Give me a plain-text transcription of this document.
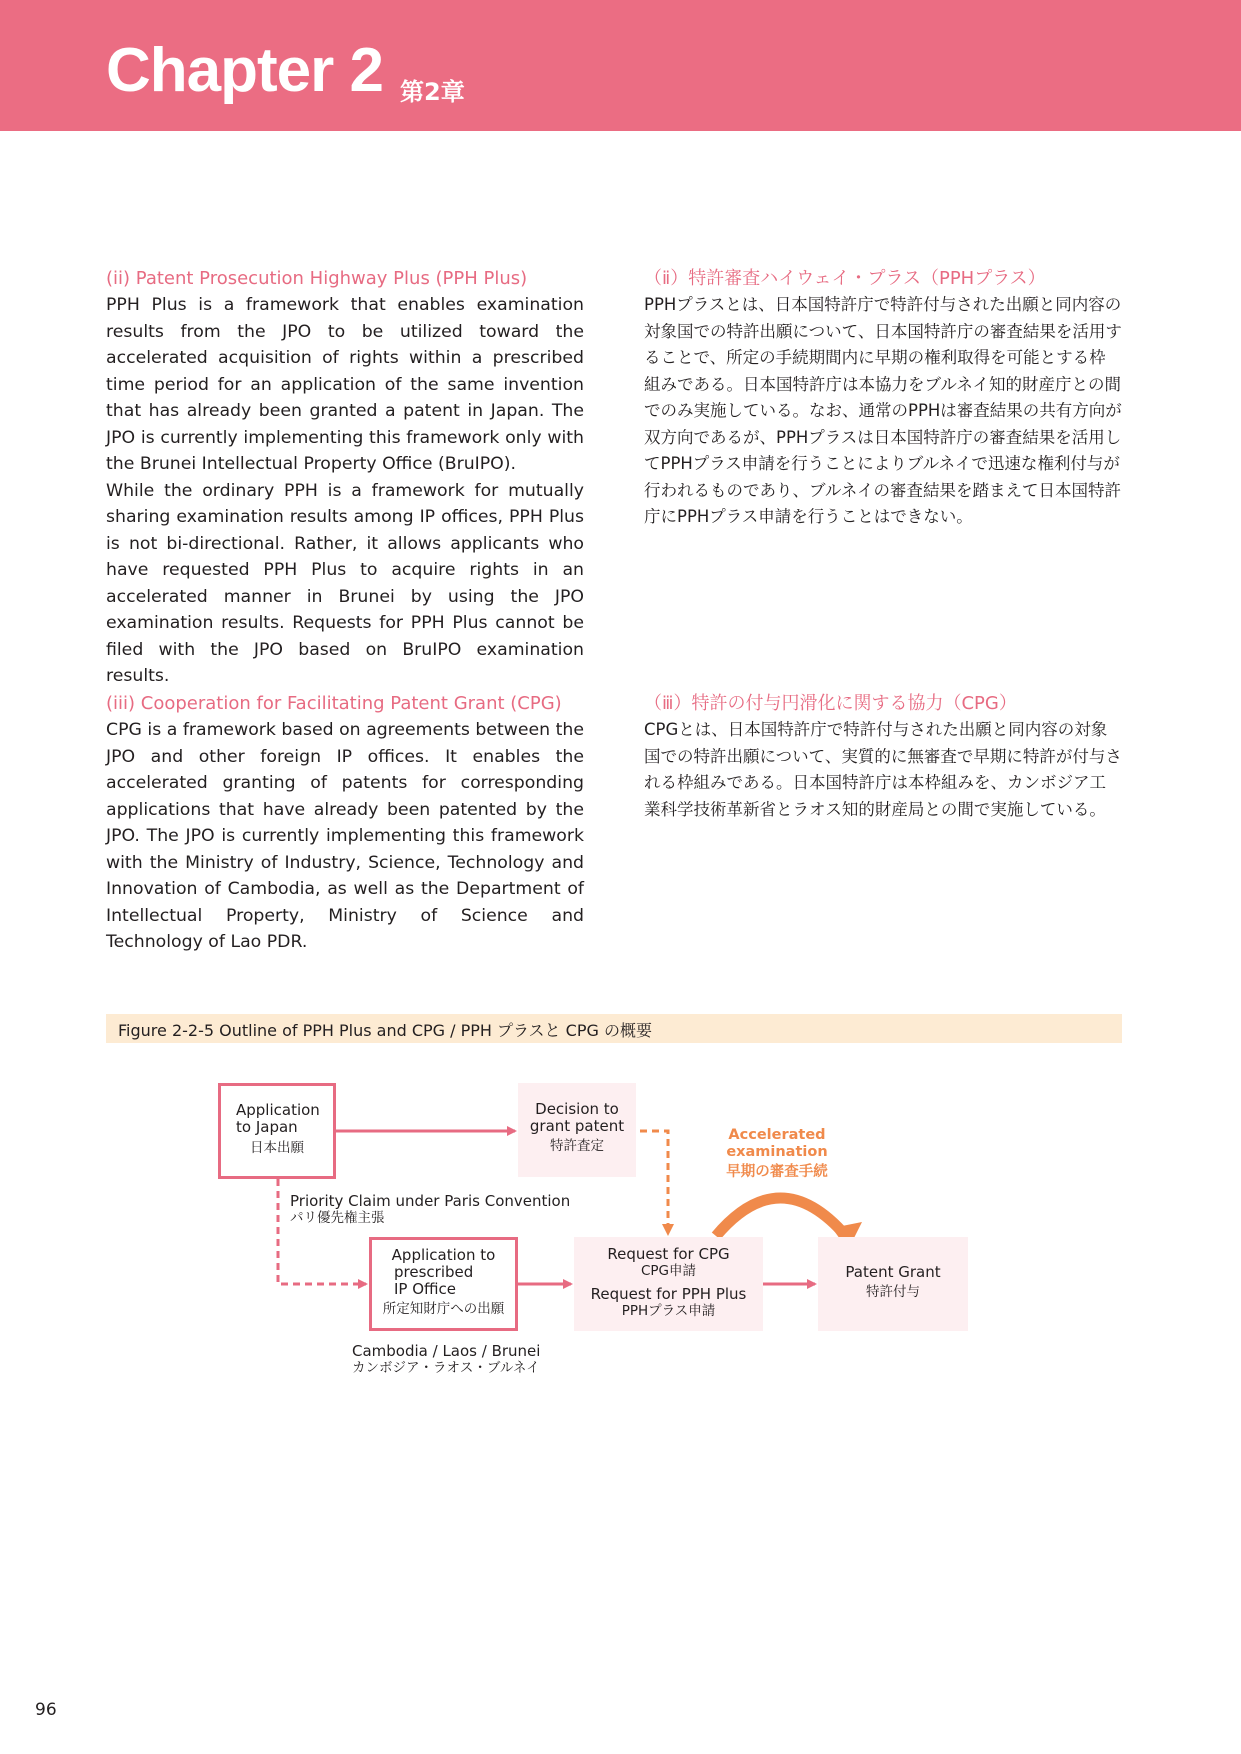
Chapter 2 第2章
(ii) Patent Prosecution Highway Plus (PPH Plus)

PPH Plus is a framework that enables examination results from the JPO to be utilized toward the accelerated acquisition of rights within a prescribed time period for an application of the same invention that has already been granted a patent in Japan. The JPO is currently implementing this framework only with the Brunei Intellectual Property Office (BruIPO).

While the ordinary PPH is a framework for mutually sharing examination results among IP offices, PPH Plus is not bi-directional. Rather, it allows applicants who have requested PPH Plus to acquire rights in an accelerated manner in Brunei by using the JPO examination results. Requests for PPH Plus cannot be filed with the JPO based on BruIPO examination results.

（ⅱ）特許審査ハイウェイ・プラス（PPHプラス）

PPHプラスとは、日本国特許庁で特許付与された出願と同内容の対象国での特許出願について、日本国特許庁の審査結果を活用することで、所定の手続期間内に早期の権利取得を可能とする枠組みである。日本国特許庁は本協力をブルネイ知的財産庁との間でのみ実施している。なお、通常のPPHは審査結果の共有方向が双方向であるが、PPHプラスは日本国特許庁の審査結果を活用してPPHプラス申請を行うことによりブルネイで迅速な権利付与が行われるものであり、ブルネイの審査結果を踏まえて日本国特許庁にPPHプラス申請を行うことはできない。

(iii) Cooperation for Facilitating Patent Grant (CPG)

CPG is a framework based on agreements between the JPO and other foreign IP offices. It enables the accelerated granting of patents for corresponding applications that have already been patented by the JPO. The JPO is currently implementing this framework with the Ministry of Industry, Science, Technology and Innovation of Cambodia, as well as the Department of Intellectual Property, Ministry of Science and Technology of Lao PDR.

（ⅲ）特許の付与円滑化に関する協力（CPG）

CPGとは、日本国特許庁で特許付与された出願と同内容の対象国での特許出願について、実質的に無審査で早期に特許が付与される枠組みである。日本国特許庁は本枠組みを、カンボジア工業科学技術革新省とラオス知的財産局との間で実施している。

Figure 2-2-5 Outline of PPH Plus and CPG / PPH プラスと CPG の概要
Application
to Japan
日本出願
Decision to
grant patent
特許査定
Priority Claim under Paris Convention
パリ優先権主張
Application to
prescribed
IP Office
所定知財庁への出願
Cambodia / Laos / Brunei
カンボジア・ラオス・ブルネイ
Request for CPG
CPG申請
Request for PPH Plus
PPHプラス申請
Patent Grant
特許付与
Accelerated
examination
早期の審査手続
96
